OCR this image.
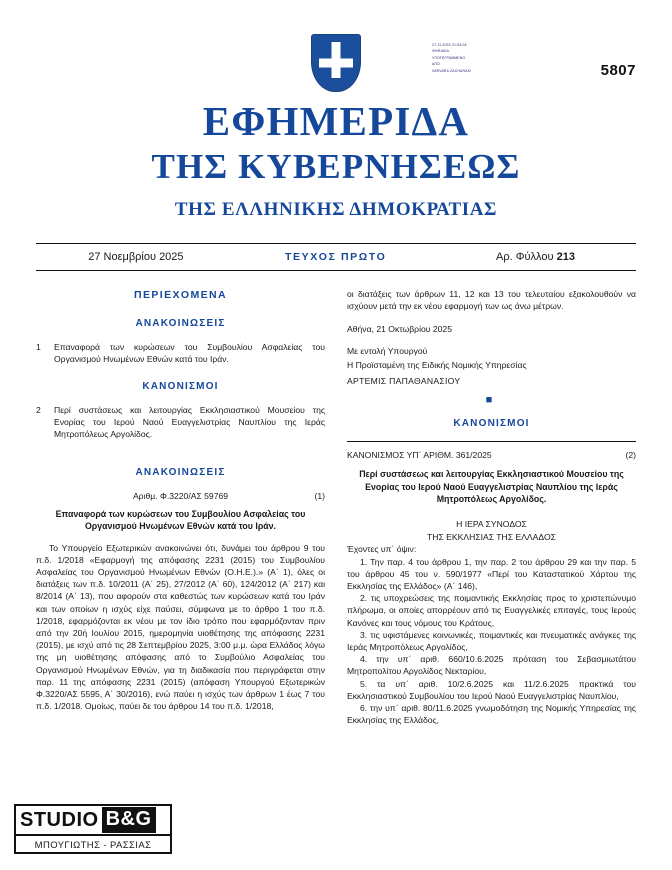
27.11.2025 21:04:04
ΨΗΦΙΑΚΑ
ΥΠΟΓΕΓΡΑΜΜΕΝΟ
ΑΠΟ
VARVARA ZACHARAKI	5807
ΕΦΗΜΕΡΙΔΑ
ΤΗΣ ΚΥΒΕΡΝΗΣΕΩΣ
ΤΗΣ ΕΛΛΗΝΙΚΗΣ ΔΗΜΟΚΡΑΤΙΑΣ
27 Νοεμβρίου 2025	ΤΕΥΧΟΣ ΠΡΩΤΟ	Αρ. Φύλλου 213
ΠΕΡΙΕΧΟΜΕΝΑ
ΑΝΑΚΟΙΝΩΣΕΙΣ
1	Επαναφορά των κυρώσεων του Συμβουλίου Ασφαλείας του Οργανισμού Ηνωμένων Εθνών κατά του Ιράν.
ΚΑΝΟΝΙΣΜΟΙ
2	Περί συστάσεως και λειτουργίας Εκκλησιαστικού Μουσείου της Ενορίας του Ιερού Ναού Ευαγγελιστρίας Ναυπλίου της Ιεράς Μητροπόλεως Αργολίδος.
ΑΝΑΚΟΙΝΩΣΕΙΣ
Αριθμ. Φ.3220/ΑΣ 59769	(1)
Επαναφορά των κυρώσεων του Συμβουλίου Ασφαλείας του Οργανισμού Ηνωμένων Εθνών κατά του Ιράν.

Το Υπουργείο Εξωτερικών ανακοινώνει ότι, δυνάμει του άρθρου 9 του π.δ. 1/2018 «Εφαρμογή της απόφασης 2231 (2015) του Συμβουλίου Ασφαλείας του Οργανισμού Ηνωμένων Εθνών (Ο.Η.Ε.).» (Α΄ 1), όλες οι διατάξεις των π.δ. 10/2011 (Α΄ 25), 27/2012 (Α΄ 60), 124/2012 (Α΄ 217) και 8/2014 (Α΄ 13), που αφορούν στα καθεστώς των κυρώσεων κατά του Ιράν και των οποίων η ισχύς είχε παύσει, σύμφωνα με το άρθρο 1 του π.δ. 1/2018, εφαρμόζονται εκ νέου με τον ίδιο τρόπο που εφαρμόζονταν πριν από την 20ή Ιουλίου 2015, ημερομηνία υιοθέτησης της απόφασης 2231 (2015), με ισχύ από τις 28 Σεπτεμβρίου 2025, 3:00 μ.μ. ώρα Ελλάδος λόγω της μη υιοθέτησης απόφασης από το Συμβούλιο Ασφαλείας του Οργανισμού Ηνωμένων Εθνών, για τη διαδικασία που περιγράφεται στην παρ. 11 της απόφασης 2231 (2015) (απόφαση Υπουργού Εξωτερικών Φ.3220/ΑΣ 5595, Α΄ 30/2016), ενώ παύει η ισχύς των άρθρων 1 έως 7 του π.δ. 1/2018. Ομοίως, παύει δε του άρθρου 14 του π.δ. 1/2018,

οι διατάξεις των άρθρων 11, 12 και 13 του τελευταίου εξακολουθούν να ισχύουν μετά την εκ νέου εφαρμογή των ως άνω μέτρων.

Αθήνα, 21 Οκτωβρίου 2025

Με εντολή Υπουργού

Η Προϊσταμένη της Ειδικής Νομικής Υπηρεσίας

ΑΡΤΕΜΙΣ ΠΑΠΑΘΑΝΑΣΙΟΥ

■
ΚΑΝΟΝΙΣΜΟΙ
ΚΑΝΟΝΙΣΜΟΣ ΥΠ΄ ΑΡΙΘΜ. 361/2025	(2)
Περί συστάσεως και λειτουργίας Εκκλησιαστικού Μουσείου της Ενορίας του Ιερού Ναού Ευαγγελιστρίας Ναυπλίου της Ιεράς Μητροπόλεως Αργολίδος.
Η ΙΕΡΑ ΣΥΝΟΔΟΣ
ΤΗΣ ΕΚΚΛΗΣΙΑΣ ΤΗΣ ΕΛΛΑΔΟΣ

Έχοντες υπ΄ όψιν:

1. Την παρ. 4 του άρθρου 1, την παρ. 2 του άρθρου 29 και την παρ. 5 του άρθρου 45 του ν. 590/1977 «Περί του Καταστατικού Χάρτου της Εκκλησίας της Ελλάδος» (Α΄ 146),

2. τις υποχρεώσεις της ποιμαντικής Εκκλησίας προς το χριστεπώνυμο πλήρωμα, οι οποίες απορρέουν από τις Ευαγγελικές επιταγές, τους Ιερούς Κανόνες και τους νόμους του Κράτους,

3. τις υφιστάμενες κοινωνικές, ποιμαντικές και πνευματικές ανάγκες της Ιεράς Μητροπόλεως Αργολίδος,

4. την υπ΄ αριθ. 660/10.6.2025 πρόταση του Σεβασμιωτάτου Μητροπολίτου Αργολίδος Νεκταρίου,

5. τα υπ΄ αριθ. 10/2.6.2025 και 11/2.6.2025 πρακτικά του Εκκλησιαστικού Συμβουλίου του Ιερού Ναού Ευαγγελιστρίας Ναυπλίου,

6. την υπ΄ αριθ. 80/11.6.2025 γνωμοδότηση της Νομικής Υπηρεσίας της Εκκλησίας της Ελλάδος,

STUDIO B&G
ΜΠΟΥΓΙΩΤΗΣ - ΡΑΣΣΙΑΣ
